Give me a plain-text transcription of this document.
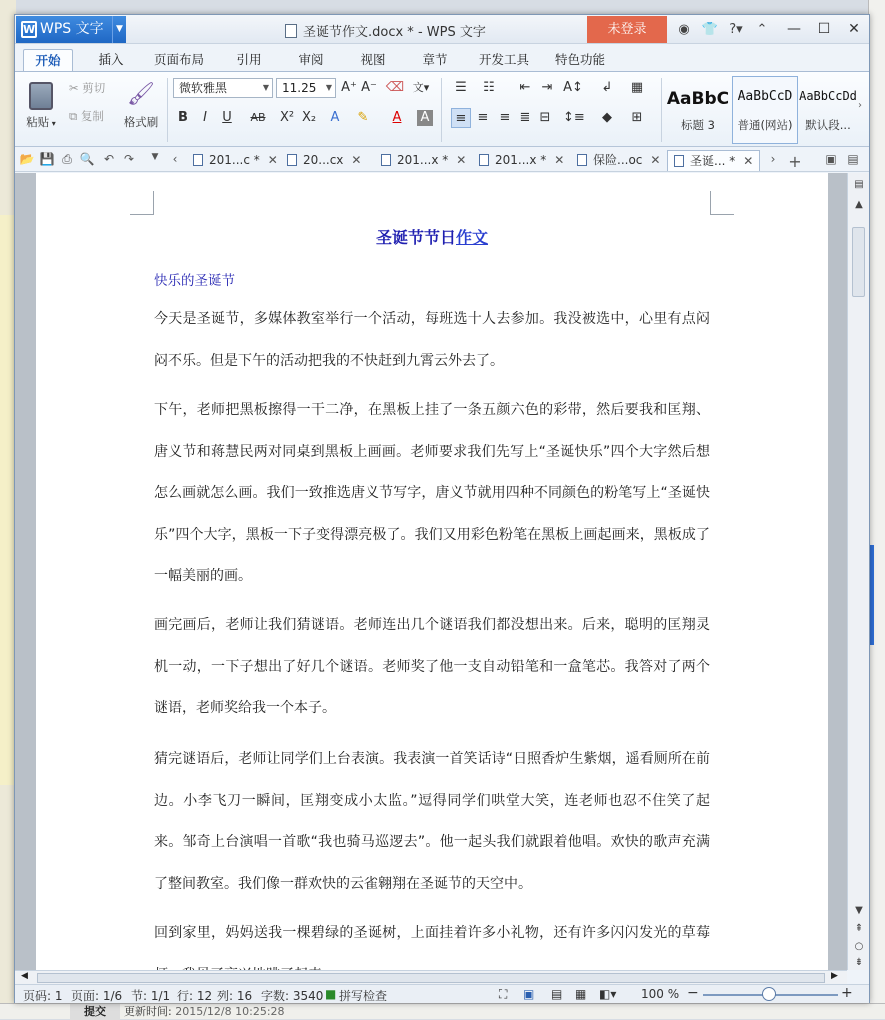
提交	更新时间: 2015/12/8 10:25:28
W WPS 文字	▼	圣诞节作文.docx * - WPS 文字	未登录	◉ 👕 ?▾	⌃	—	☐	✕
开始	插入	页面布局	引用	审阅	视图	章节	开发工具	特色功能
粘贴 ▾
✂ 剪切
⧉ 复制
🖌
格式刷
微软雅黑	▼	11.25 ▼ A⁺ A⁻ ⌫ 文▾
B	I	U	AB	X² X₂	A	✎	A	A
☰	☷	⇤ ⇥ A↕	↲	▦
≡ ≡ ≡ ≣ ⊟ ↕≡	◆	⊞
AaBbC
标题 3
AaBbCcD
普通(网站)
AaBbCcDd
默认段...
›
📂 💾 ⎙ 🔍 ↶ ↷	▼	‹	201...c * ✕	20...cx ✕	201...x * ✕	201...x * ✕	保险...oc ✕	圣诞... * ✕	› + ▣ ▤
圣诞节节日作文
快乐的圣诞节
今天是圣诞节，多媒体教室举行一个活动，每班选十人去参加。我没被选中，心里有点闷闷不乐。但是下午的活动把我的不快赶到九霄云外去了。
下午，老师把黑板擦得一干二净，在黑板上挂了一条五颜六色的彩带，然后要我和匡翔、唐义节和蒋慧民两对同桌到黑板上画画。老师要求我们先写上“圣诞快乐”四个大字然后想怎么画就怎么画。我们一致推选唐义节写字，唐义节就用四种不同颜色的粉笔写上“圣诞快乐”四个大字，黑板一下子变得漂亮极了。我们又用彩色粉笔在黑板上画起画来，黑板成了一幅美丽的画。
画完画后，老师让我们猜谜语。老师连出几个谜语我们都没想出来。后来，聪明的匡翔灵机一动，一下子想出了好几个谜语。老师奖了他一支自动铅笔和一盒笔芯。我答对了两个谜语，老师奖给我一个本子。
猜完谜语后，老师让同学们上台表演。我表演一首笑话诗“日照香炉生紫烟，遥看厕所在前边。小李飞刀一瞬间，匡翔变成小太监。”逗得同学们哄堂大笑，连老师也忍不住笑了起来。邹奇上台演唱一首歌“我也骑马巡逻去”。他一起头我们就跟着他唱。欢快的歌声充满了整间教室。我们像一群欢快的云雀翱翔在圣诞节的天空中。
回到家里，妈妈送我一棵碧绿的圣诞树，上面挂着许多小礼物，还有许多闪闪发光的草莓
▤
▲
▼
⇞
○
⇟
◀	▶
页码: 1 页面: 1/6 节: 1/1 行: 12 列: 16 字数: 3540 ■ 拼写检查	⛶ ▣ ▤ ▦ ◧▾ 100 % −	+
